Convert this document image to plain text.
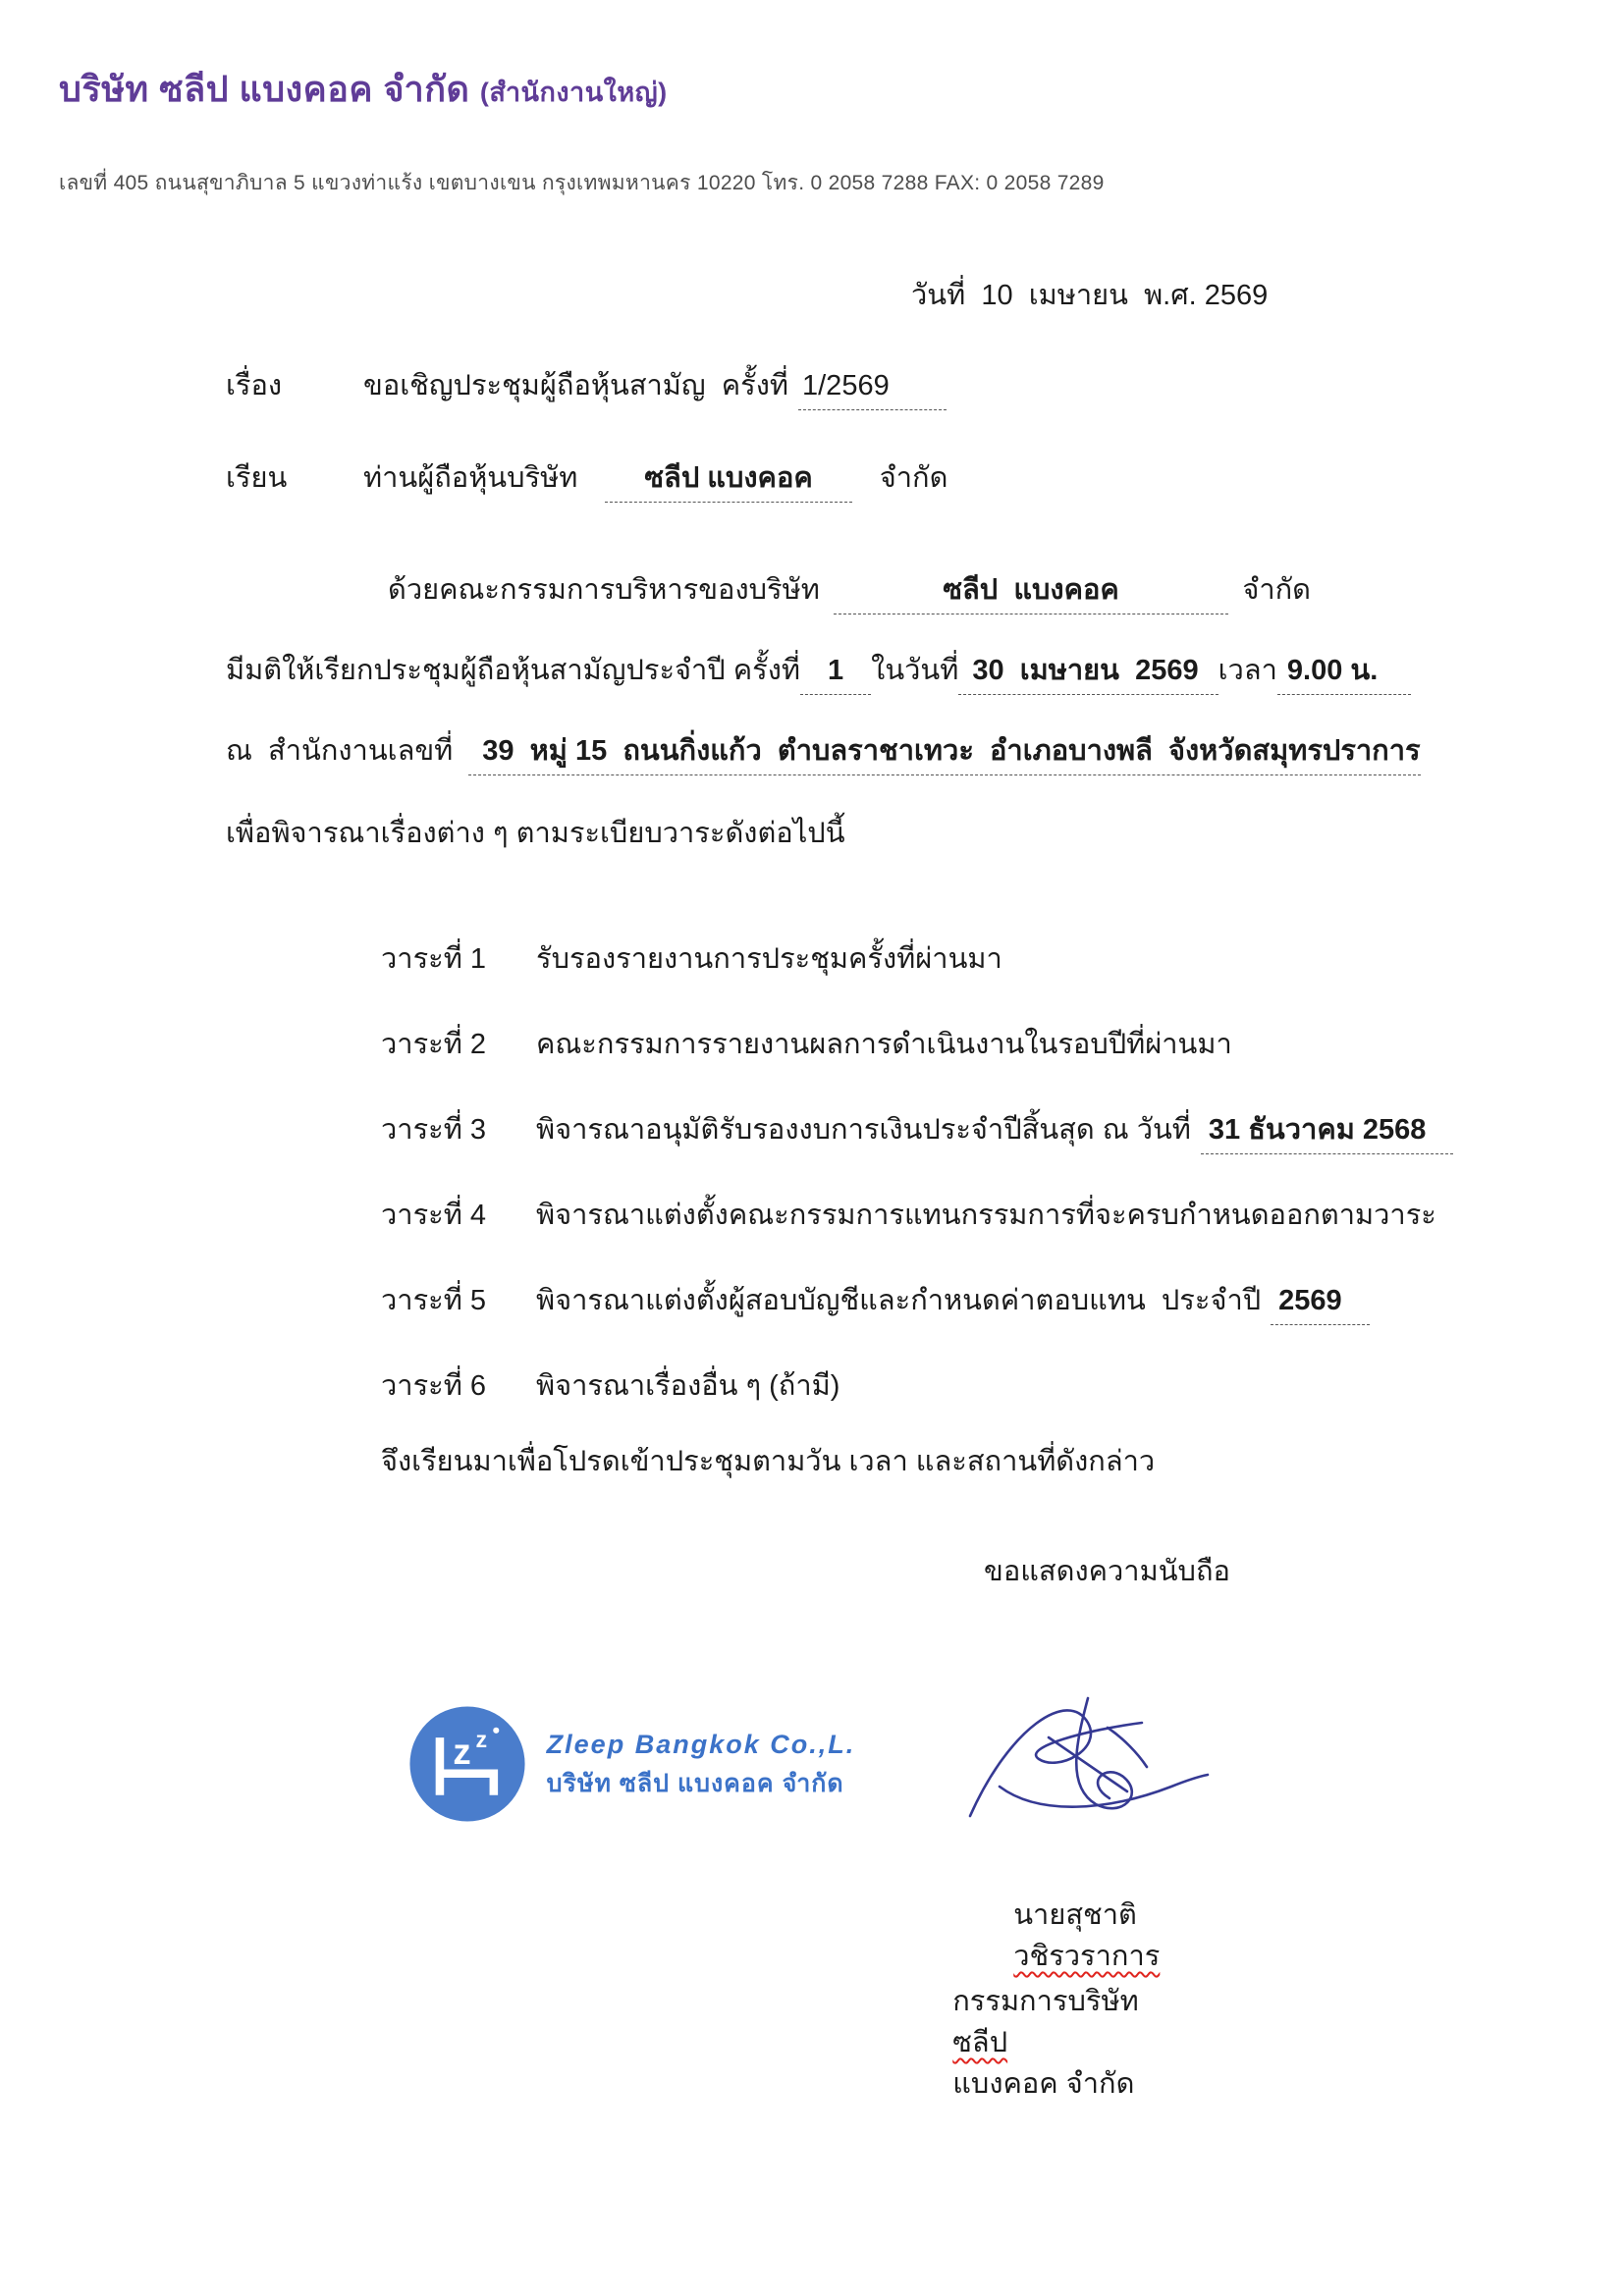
บริษัท ซลีป แบงคอค จำกัด (สำนักงานใหญ่)
เลขที่ 405 ถนนสุขาภิบาล 5 แขวงท่าแร้ง เขตบางเขน กรุงเทพมหานคร 10220 โทร. 0 2058 7288 FAX: 0 2058 7289
วันที่  10  เมษายน  พ.ศ. 2569
เรื่อง	ขอเชิญประชุมผู้ถือหุ้นสามัญ  ครั้งที่ 1/2569
เรียน	ท่านผู้ถือหุ้นบริษัท	ซลีป แบงคอค	จำกัด
ด้วยคณะกรรมการบริหารของบริษัท	ซลีป  แบงคอค	จำกัด
มีมติให้เรียกประชุมผู้ถือหุ้นสามัญประจำปี ครั้งที่ 1 ในวันที่ 30  เมษายน  2569 เวลา 9.00 น.
ณ  สำนักงานเลขที่	39  หมู่ 15  ถนนกิ่งแก้ว  ตำบลราชาเทวะ  อำเภอบางพลี  จังหวัดสมุทรปราการ
เพื่อพิจารณาเรื่องต่าง ๆ ตามระเบียบวาระดังต่อไปนี้
วาระที่ 1	รับรองรายงานการประชุมครั้งที่ผ่านมา
วาระที่ 2	คณะกรรมการรายงานผลการดำเนินงานในรอบปีที่ผ่านมา
วาระที่ 3	พิจารณาอนุมัติรับรองงบการเงินประจำปีสิ้นสุด ณ วันที่ 31 ธันวาคม 2568
วาระที่ 4	พิจารณาแต่งตั้งคณะกรรมการแทนกรรมการที่จะครบกำหนดออกตามวาระ
วาระที่ 5	พิจารณาแต่งตั้งผู้สอบบัญชีและกำหนดค่าตอบแทน  ประจำปี 2569
วาระที่ 6	พิจารณาเรื่องอื่น ๆ (ถ้ามี)
จึงเรียนมาเพื่อโปรดเข้าประชุมตามวัน เวลา และสถานที่ดังกล่าว
ขอแสดงความนับถือ

z z

Zleep Bangkok Co.,L.
บริษัท ซลีป แบงคอค จำกัด

นายสุชาติ
วชิรวราการ

กรรมการบริษัท
ซลีป
แบงคอค จำกัด
